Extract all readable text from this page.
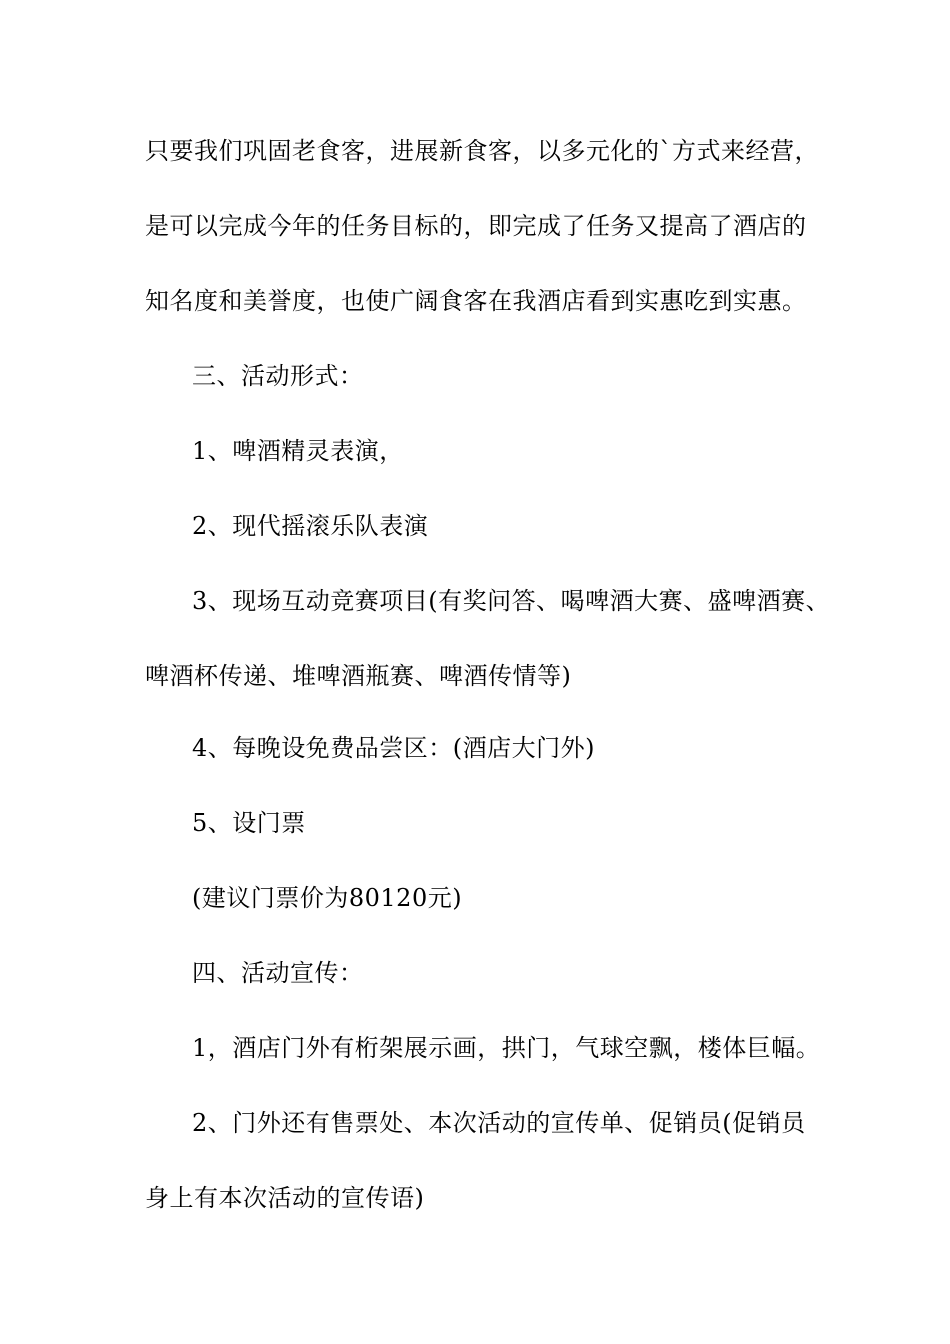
只要我们巩固老食客，进展新食客，以多元化的`方式来经营，
是可以完成今年的任务目标的，即完成了任务又提高了酒店的
知名度和美誉度，也使广阔食客在我酒店看到实惠吃到实惠。
三、活动形式：
1、啤酒精灵表演，
2、现代摇滚乐队表演
3、现场互动竞赛项目(有奖问答、喝啤酒大赛、盛啤酒赛、
啤酒杯传递、堆啤酒瓶赛、啤酒传情等)
4、每晚设免费品尝区：(酒店大门外)
5、设门票
(建议门票价为80120元)
四、活动宣传：
1，酒店门外有桁架展示画，拱门，气球空飘，楼体巨幅。
2、门外还有售票处、本次活动的宣传单、促销员(促销员
身上有本次活动的宣传语)
